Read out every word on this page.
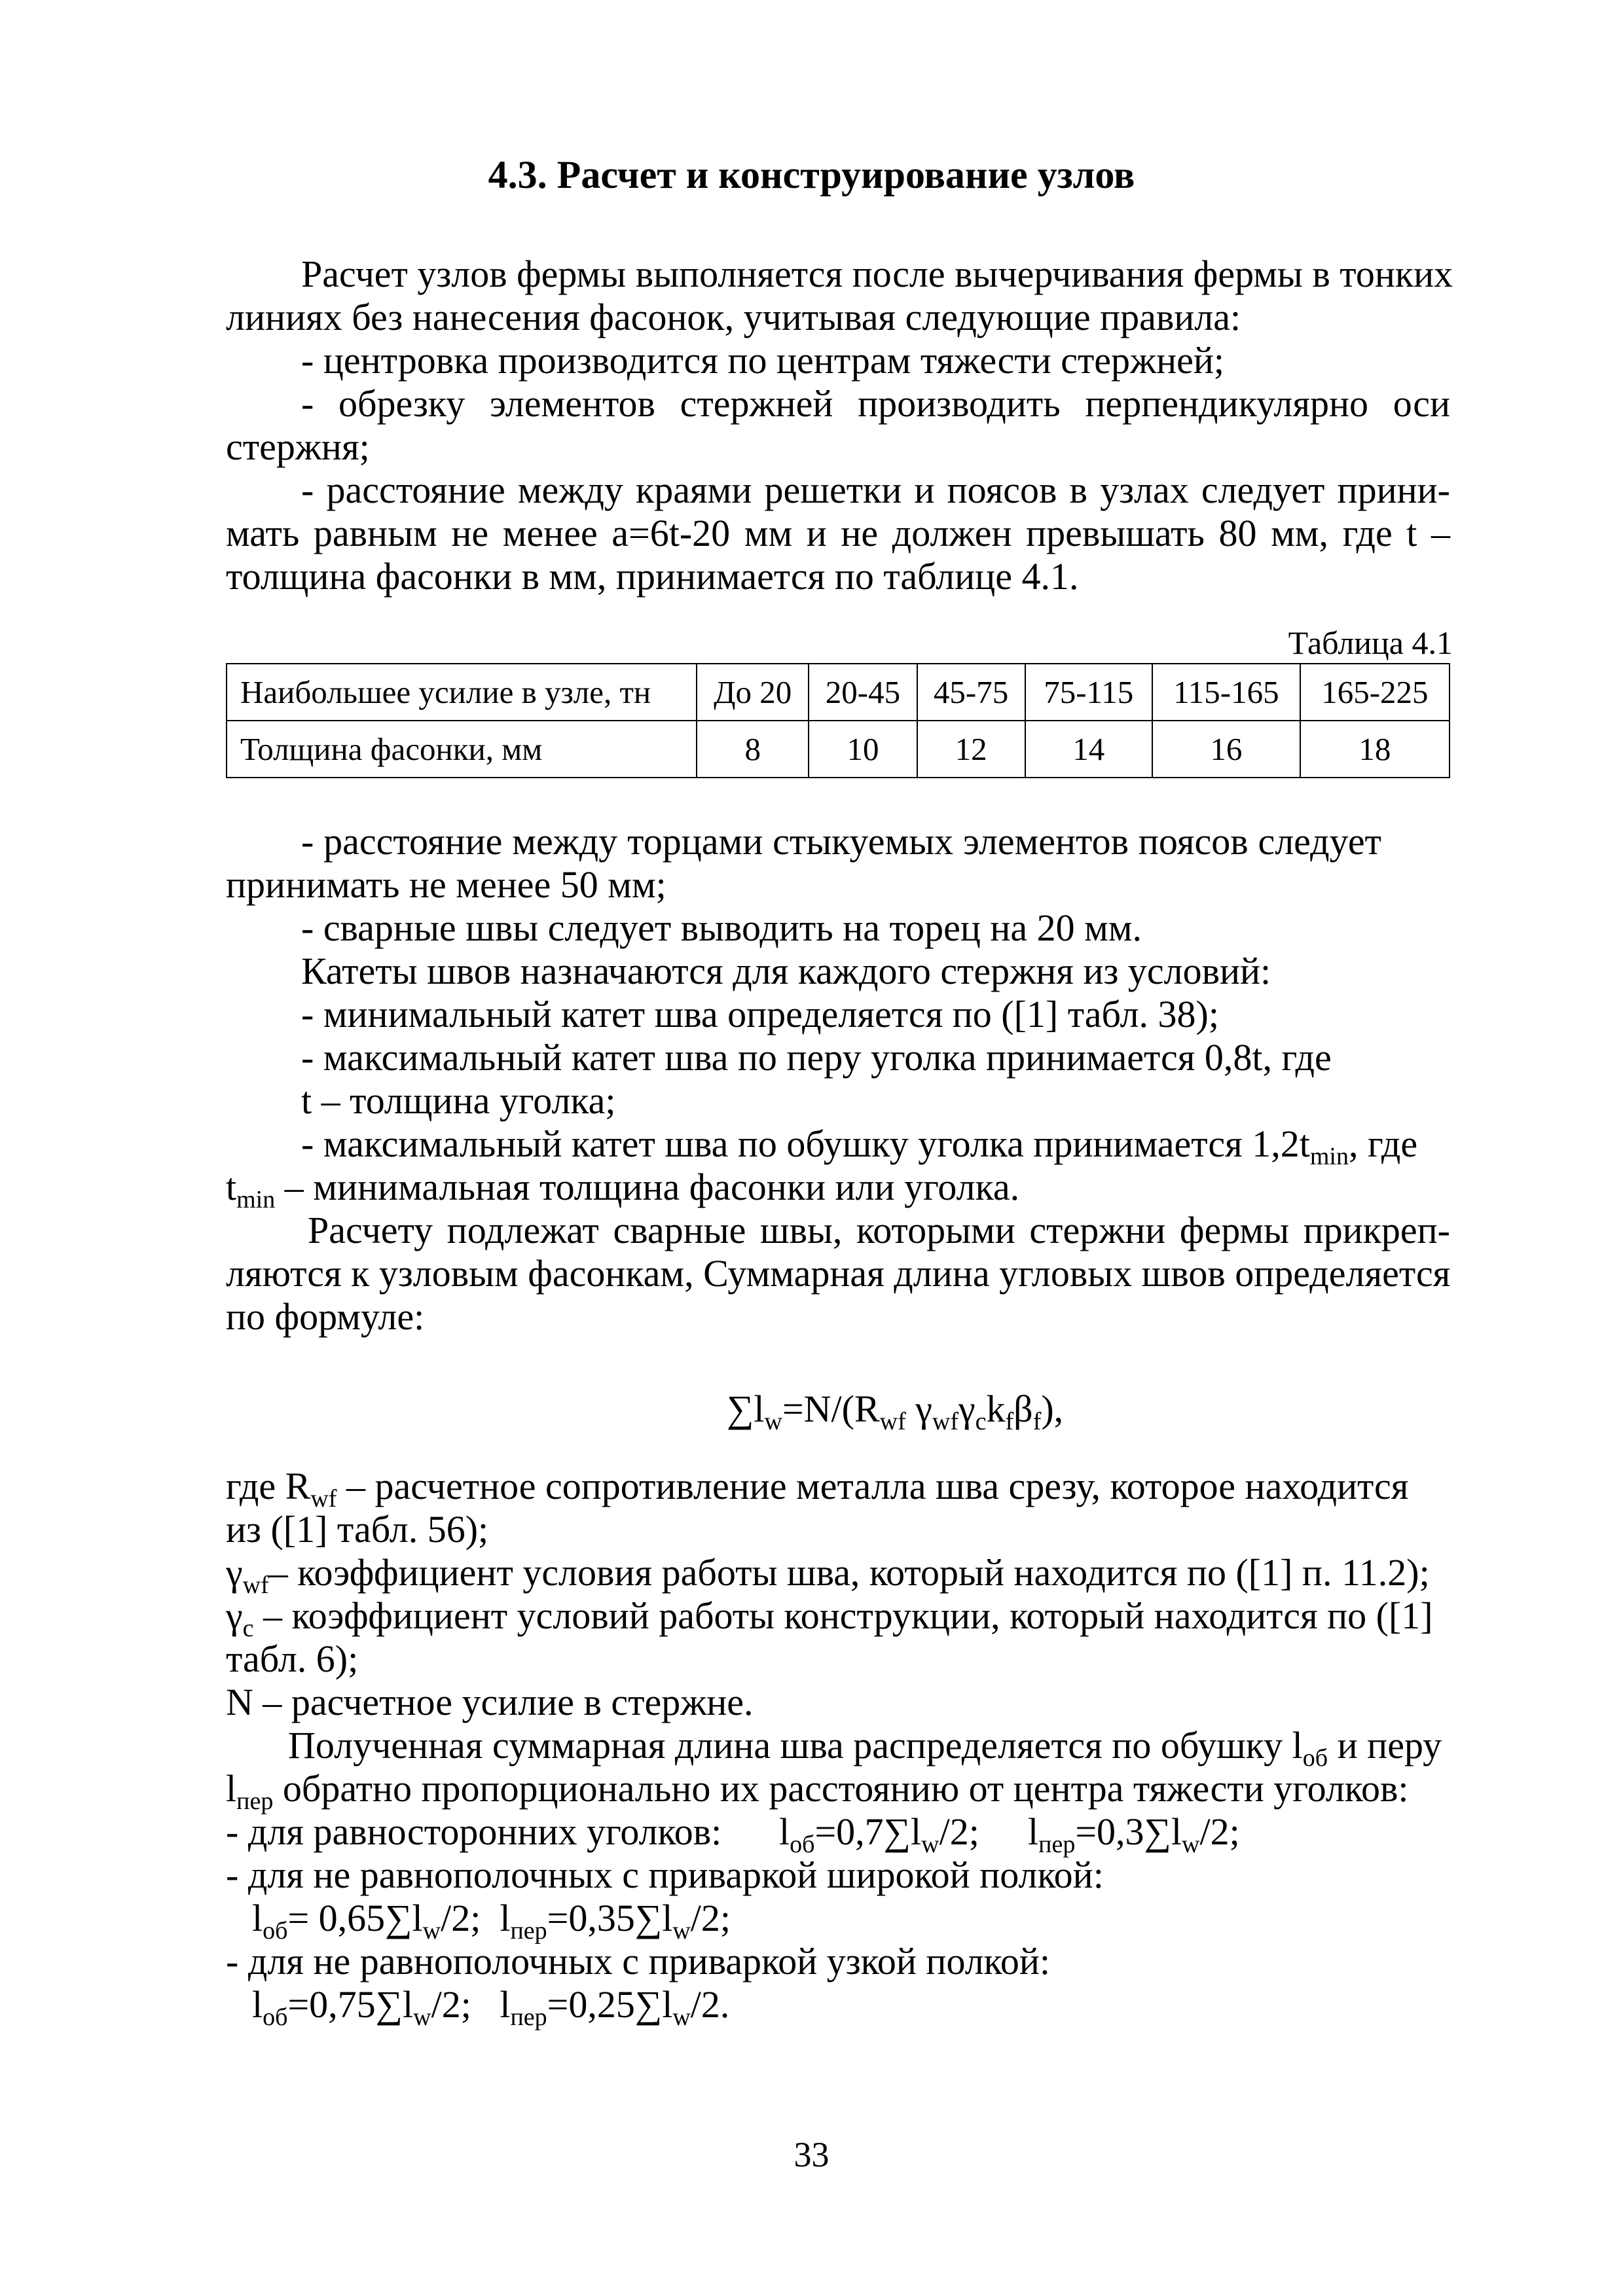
4.3. Расчет и конструирование узлов
Расчет узлов фермы выполняется после вычерчивания фермы в тонких
линиях без нанесения фасонок, учитывая следующие правила:
- центровка производится по центрам тяжести стержней;
- обрезку элементов стержней производить перпендикулярно оси
стержня;
- расстояние между краями решетки и поясов в узлах следует прини-
мать равным не менее а=6t-20 мм и не должен превышать 80 мм, где t –
толщина фасонки в мм, принимается по таблице 4.1.
Таблица 4.1
Наибольшее усилие в узле, тн	До 20	20-45	45-75	75-115	115-165	165-225
Толщина фасонки, мм	8	10	12	14	16	18
- расстояние между торцами стыкуемых элементов поясов следует
принимать не менее 50 мм;
- сварные швы следует выводить на торец на 20 мм.
Катеты швов назначаются для каждого стержня из условий:
- минимальный катет шва определяется по ([1] табл. 38);
- максимальный катет шва по перу уголка принимается 0,8t, где
t – толщина уголка;
- максимальный катет шва по обушку уголка принимается $1,2t_{min}$, где
$t_{min}$ – минимальная толщина фасонки или уголка.
Расчету подлежат сварные швы, которыми стержни фермы прикреп-
ляются к узловым фасонкам, Суммарная длина угловых швов определяется
по формуле:
$\sum l_w=N/(R_{wf}$ $\gamma_{wf}\gamma_ck_f\beta_f$),
где $R_{wf}$ – расчетное сопротивление металла шва срезу, которое находится
из ([1] табл. 56);
$\gamma_{wf}-$ коэффициент условия работы шва, который находится по ([1] п. 11.2);
$\gamma_c$ – коэффициент условий работы конструкции, который находится по ([1]
табл. 6);
N – расчетное усилие в стержне.
Полученная суммарная длина шва распределяется по обушку $l_{об}$ и перу
$l_{пер}$ обратно пропорционально их расстоянию от центра тяжести уголков:
- для равносторонних уголков: $l_{об}=0,7\sum l_w/2$; $l_{пер}=0,3\sum l_w/2$;
- для не равнополочных с приваркой широкой полкой:
$l_{об}= 0,65\sum l_w/2$; $l_{пер}=0,35\sum l_w/2$;
- для не равнополочных с приваркой узкой полкой:
$l_{об}=0,75\sum l_w/2$; $l_{пер}=0,25\sum l_w/2$.
33
